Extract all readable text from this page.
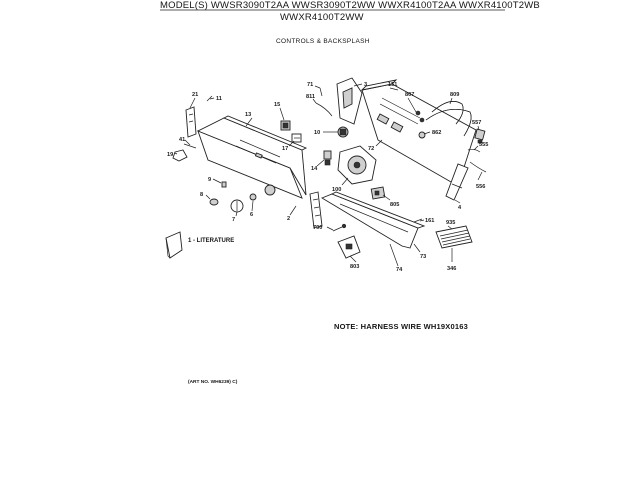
MODEL(S) WWSR3090T2AA WWSR3090T2WW WWXR4100T2AA WWXR4100T2WB
WWXR4100T2WW
CONTROLS & BACKSPLASH
21
11
13
15
17
19
41
9
8
7
6
2
71
811
3
10
14
100
151
807	809
862
557
72
555
556
4
805
790
161 935
73
803	74	346
1 - LITERATURE
NOTE: HARNESS WIRE WH19X0163
(ART NO. WH6239) C)
